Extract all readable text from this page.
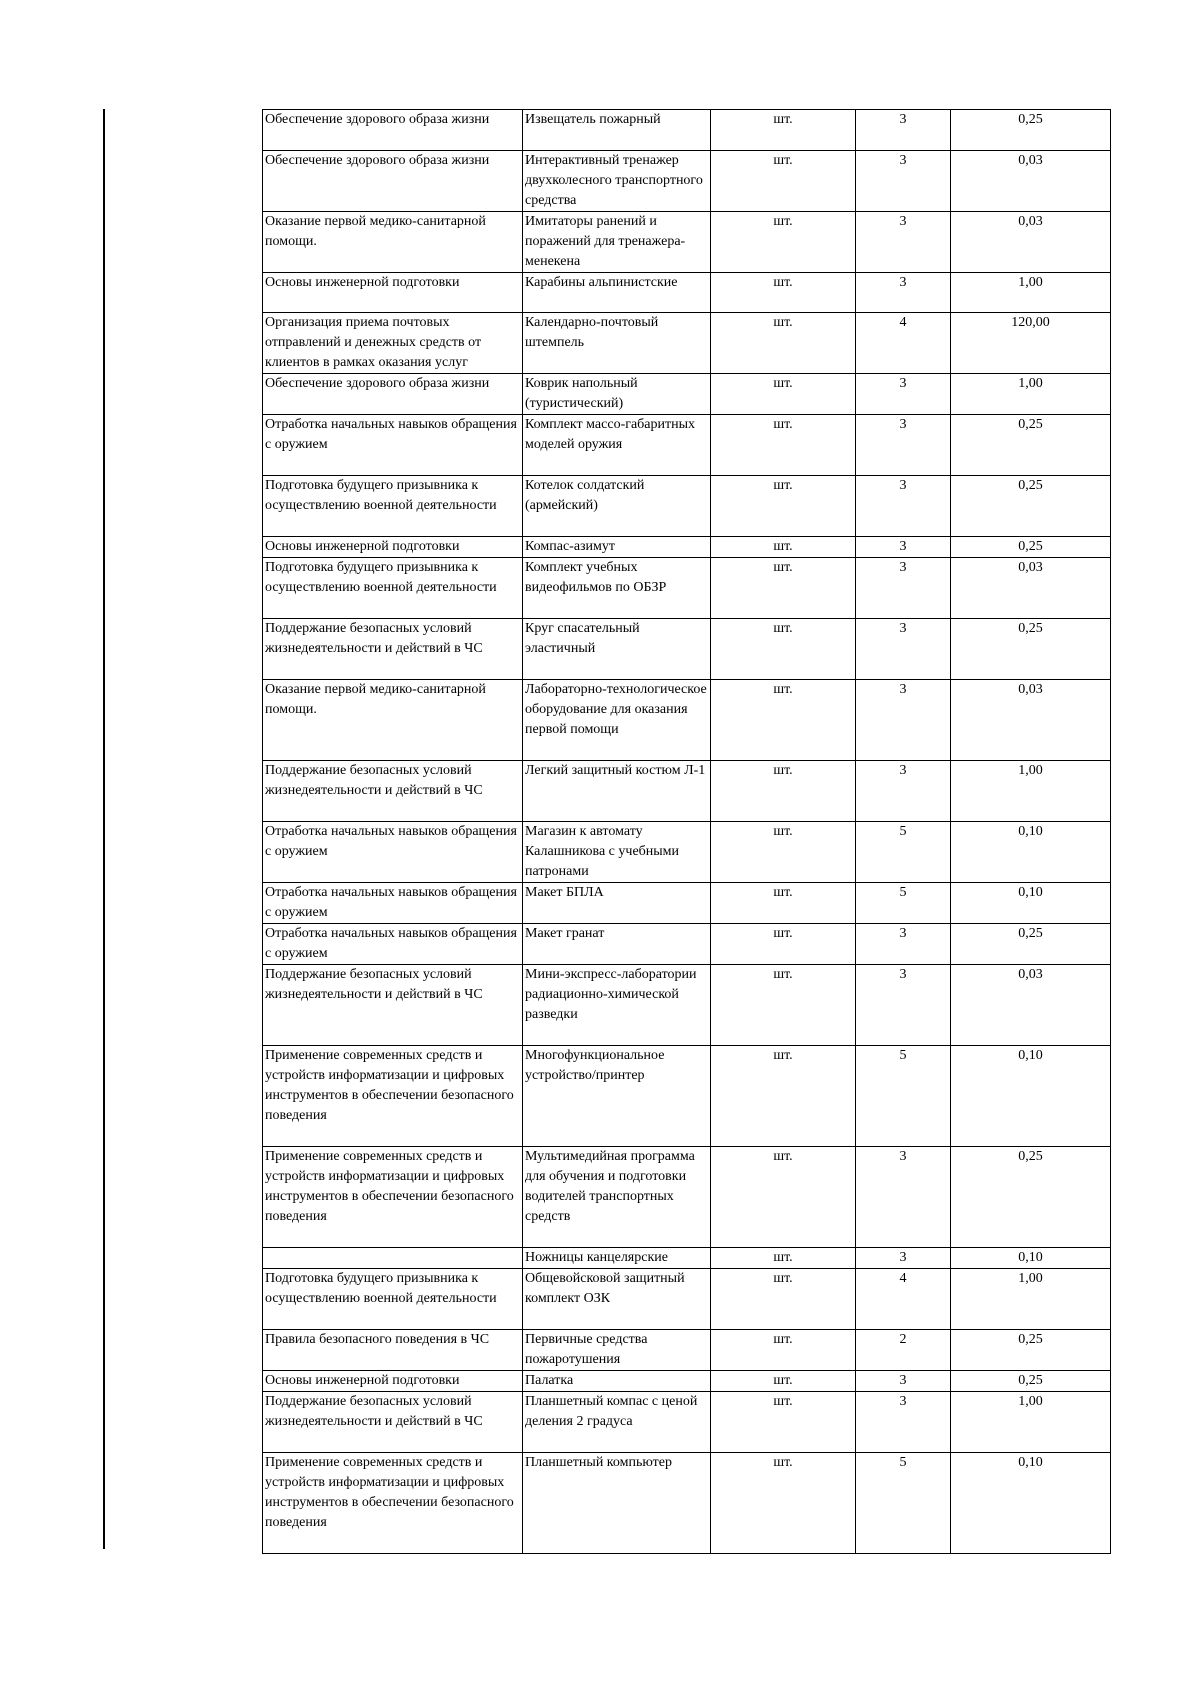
Обеспечение здорового образа жизни	Извещатель пожарный	шт.	3	0,25
Обеспечение здорового образа жизни	Интерактивный тренажер двухколесного транспортного средства	шт.	3	0,03
Оказание первой медико-санитарной помощи.	Имитаторы ранений и поражений для тренажера-менекена	шт.	3	0,03
Основы инженерной подготовки	Карабины альпинистские	шт.	3	1,00
Организация приема почтовых отправлений и денежных средств от клиентов в рамках оказания услуг	Календарно-почтовый штемпель	шт.	4	120,00
Обеспечение здорового образа жизни	Коврик напольный (туристический)	шт.	3	1,00
Отработка начальных навыков обращения с оружием	Комплект массо-габаритных моделей оружия	шт.	3	0,25
Подготовка будущего призывника к осуществлению военной деятельности	Котелок солдатский (армейский)	шт.	3	0,25
Основы инженерной подготовки	Компас-азимут	шт.	3	0,25
Подготовка будущего призывника к осуществлению военной деятельности	Комплект учебных видеофильмов по ОБЗР	шт.	3	0,03
Поддержание безопасных условий жизнедеятельности и действий в ЧС	Круг спасательный эластичный	шт.	3	0,25
Оказание первой медико-санитарной помощи.	Лабораторно-технологическое оборудование для оказания первой помощи	шт.	3	0,03
Поддержание безопасных условий жизнедеятельности и действий в ЧС	Легкий защитный костюм Л-1	шт.	3	1,00
Отработка начальных навыков обращения с оружием	Магазин к автомату Калашникова с учебными патронами	шт.	5	0,10
Отработка начальных навыков обращения с оружием	Макет БПЛА	шт.	5	0,10
Отработка начальных навыков обращения с оружием	Макет гранат	шт.	3	0,25
Поддержание безопасных условий жизнедеятельности и действий в ЧС	Мини-экспресс-лаборатории радиационно-химической разведки	шт.	3	0,03
Применение современных средств и устройств информатизации и цифровых инструментов в обеспечении безопасного поведения	Многофункциональное устройство/принтер	шт.	5	0,10
Применение современных средств и устройств информатизации и цифровых инструментов в обеспечении безопасного поведения	Мультимедийная программа для обучения и подготовки водителей транспортных средств	шт.	3	0,25
	Ножницы канцелярские	шт.	3	0,10
Подготовка будущего призывника к осуществлению военной деятельности	Общевойсковой защитный комплект ОЗК	шт.	4	1,00
Правила безопасного поведения в ЧС	Первичные средства пожаротушения	шт.	2	0,25
Основы инженерной подготовки	Палатка	шт.	3	0,25
Поддержание безопасных условий жизнедеятельности и действий в ЧС	Планшетный компас с ценой деления 2 градуса	шт.	3	1,00
Применение современных средств и устройств информатизации и цифровых инструментов в обеспечении безопасного поведения	Планшетный компьютер	шт.	5	0,10
